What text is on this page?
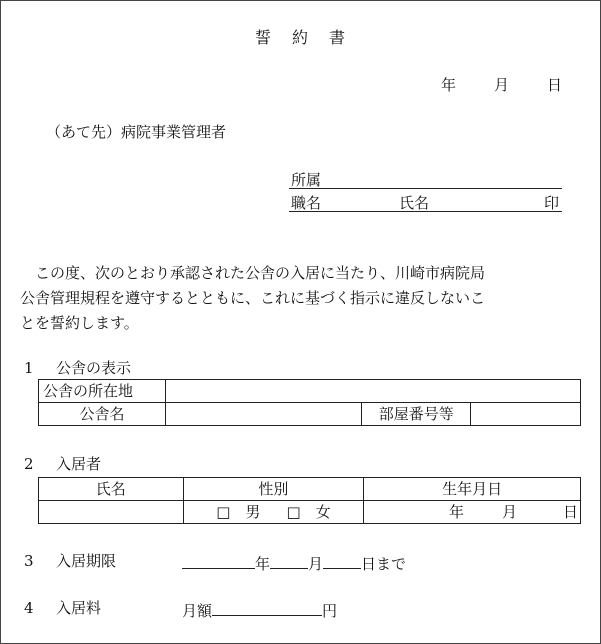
誓 約 書
年	月	日
（あて先）病院事業管理者
所属
職名	氏名	印
　この度、次のとおり承認された公舎の入居に当たり、川崎市病院局
公舎管理規程を遵守するとともに、これに基づく指示に違反しないこ
とを誓約します。
1 公舎の表示
公舎の所在地			
公舎名		部屋番号等	
2 入居者
氏名	性別	生年月日
	□　男 □　女	年 月 日
3 入居期限	年	月	日まで
4 入居料	月額	円
